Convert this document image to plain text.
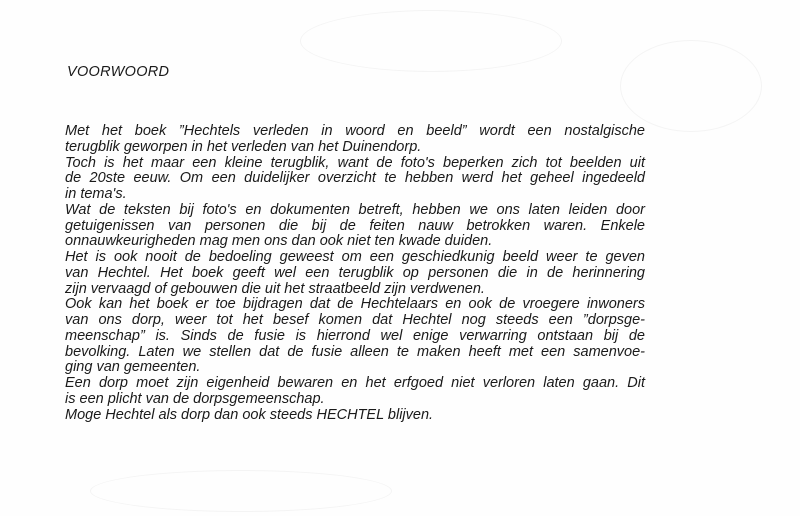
VOORWOORD
Met het boek ”Hechtels verleden in woord en beeld” wordt een nostalgische
terugblik geworpen in het verleden van het Duinendorp.
Toch is het maar een kleine terugblik, want de foto's beperken zich tot beelden uit
de 20ste eeuw. Om een duidelijker overzicht te hebben werd het geheel ingedeeld
in tema's.
Wat de teksten bij foto's en dokumenten betreft, hebben we ons laten leiden door
getuigenissen van personen die bij de feiten nauw betrokken waren. Enkele
onnauwkeurigheden mag men ons dan ook niet ten kwade duiden.
Het is ook nooit de bedoeling geweest om een geschiedkunig beeld weer te geven
van Hechtel. Het boek geeft wel een terugblik op personen die in de herinnering
zijn vervaagd of gebouwen die uit het straatbeeld zijn verdwenen.
Ook kan het boek er toe bijdragen dat de Hechtelaars en ook de vroegere inwoners
van ons dorp, weer tot het besef komen dat Hechtel nog steeds een ”dorpsge-
meenschap” is. Sinds de fusie is hierrond wel enige verwarring ontstaan bij de
bevolking. Laten we stellen dat de fusie alleen te maken heeft met een samenvoe-
ging van gemeenten.
Een dorp moet zijn eigenheid bewaren en het erfgoed niet verloren laten gaan. Dit
is een plicht van de dorpsgemeenschap.
Moge Hechtel als dorp dan ook steeds HECHTEL blijven.
